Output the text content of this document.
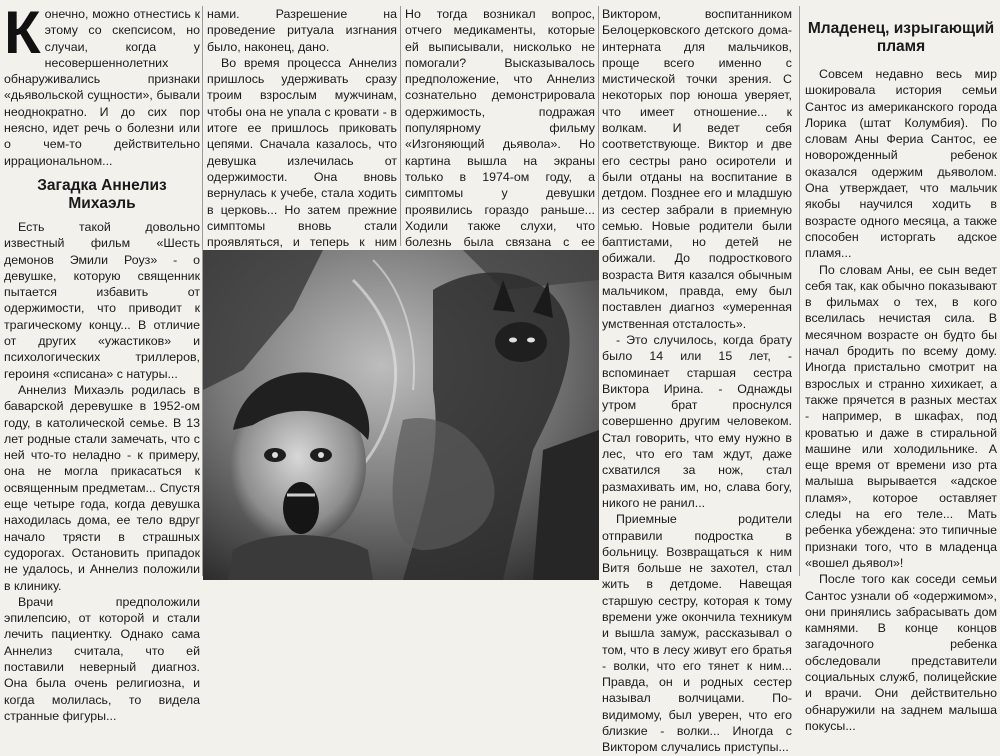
К онечно, можно отнестись к этому со скепсисом, но случаи, когда у несовершеннолетних обнаруживались признаки «дьявольской сущности», бывали неоднократно. И до сих пор неясно, идет речь о болезни или о чем-то действительно иррациональном...

Загадка Аннелиз Михаэль

Есть такой довольно известный фильм «Шесть демонов Эмили Роуз» - о девушке, которую священник пытается избавить от одержимости, что приводит к трагическому концу... В отличие от других «ужастиков» и психологических триллеров, героиня «списана» с натуры...

Аннелиз Михаэль родилась в баварской деревушке в 1952-ом году, в католической семье. В 13 лет родные стали замечать, что с ней что-то неладно - к примеру, она не могла прикасаться к освященным предметам... Спустя еще четыре года, когда девушка находилась дома, ее тело вдруг начало трясти в страшных судорогах. Остановить припадок не удалось, и Аннелиз положили в клинику.

Врачи предположили эпилепсию, от которой и стали лечить пациентку. Однако сама Аннелиз считала, что ей поставили неверный диагноз. Она была очень религиозна, и когда молилась, то видела странные фигуры...

нами. Разрешение на проведение ритуала изгнания было, наконец, дано.

Во время процесса Аннелиз пришлось удерживать сразу троим взрослым мужчинам, чтобы она не упала с кровати - в итоге ее пришлось приковать цепями. Сначала казалось, что девушка излечилась от одержимости. Она вновь вернулась к учебе, стала ходить в церковь... Но затем прежние симптомы вновь стали проявляться, и теперь к ним

Но тогда возникал вопрос, отчего медикаменты, которые ей выписывали, нисколько не помогали? Высказывалось предположение, что Аннелиз сознательно демонстрировала одержимость, подражая популярному фильму «Изгоняющий дьявола». Но картина вышла на экраны только в 1974-ом году, а симптомы у девушки проявились гораздо раньше... Ходили также слухи, что болезнь была связана с ее

Виктором, воспитанником Белоцерковского детского дома-интерната для мальчиков, проще всего именно с мистической точки зрения. С некоторых пор юноша уверяет, что имеет отношение... к волкам. И ведет себя соответствующе. Виктор и две его сестры рано осиротели и были отданы на воспитание в детдом. Позднее его и младшую из сестер забрали в приемную семью. Новые родители были баптистами, но детей не обижали. До подросткового возраста Витя казался обычным мальчиком, правда, ему был поставлен диагноз «умеренная умственная отсталость».

- Это случилось, когда брату было 14 или 15 лет, - вспоминает старшая сестра Виктора Ирина. - Однажды утром брат проснулся совершенно другим человеком. Стал говорить, что ему нужно в лес, что его там ждут, даже схватился за нож, стал размахивать им, но, слава богу, никого не ранил...

Приемные родители отправили подростка в больницу. Возвращаться к ним Витя больше не захотел, стал жить в детдоме. Навещая старшую сестру, которая к тому времени уже окончила техникум и вышла замуж, рассказывал о том, что в лесу живут его братья - волки, что его тянет к ним... Правда, он и родных сестер называл волчицами. По-видимому, был уверен, что его близкие - волки... Иногда с Виктором случались приступы...

Младенец, изрыгающий пламя

Совсем недавно весь мир шокировала история семьи Сантос из американского города Лорика (штат Колумбия). По словам Аны Фериа Сантос, ее новорожденный ребенок оказался одержим дьяволом. Она утверждает, что мальчик якобы научился ходить в возрасте одного месяца, а также способен исторгать адское пламя...

По словам Аны, ее сын ведет себя так, как обычно показывают в фильмах о тех, в кого вселилась нечистая сила. В месячном возрасте он будто бы начал бродить по всему дому. Иногда пристально смотрит на взрослых и странно хихикает, а также прячется в разных местах - например, в шкафах, под кроватью и даже в стиральной машине или холодильнике. А еще время от времени изо рта малыша вырывается «адское пламя», которое оставляет следы на его теле... Мать ребенка убеждена: это типичные признаки того, что в младенца «вошел дьявол»!

После того как соседи семьи Сантос узнали об «одержимом», они принялись забрасывать дом камнями. В конце концов загадочного ребенка обследовали представители социальных служб, полицейские и врачи. Они действительно обнаружили на заднем малыша покусы...
